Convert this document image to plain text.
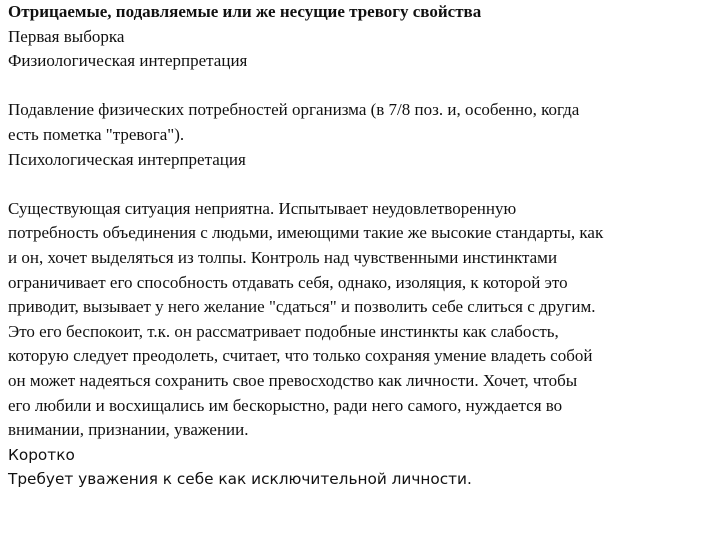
Отрицаемые, подавляемые или же несущие тревогу свойства
Первая выборка
Физиологическая интерпретация
Подавление физических потребностей организма (в 7/8 поз. и, особенно, когда
есть пометка "тревога").
Психологическая интерпретация
Существующая ситуация неприятна. Испытывает неудовлетворенную
потребность объединения с людьми, имеющими такие же высокие стандарты, как
и он, хочет выделяться из толпы. Контроль над чувственными инстинктами
ограничивает его способность отдавать себя, однако, изоляция, к которой это
приводит, вызывает у него желание "сдаться" и позволить себе слиться с другим.
Это его беспокоит, т.к. он рассматривает подобные инстинкты как слабость,
которую следует преодолеть, считает, что только сохраняя умение владеть собой
он может надеяться сохранить свое превосходство как личности. Хочет, чтобы
его любили и восхищались им бескорыстно, ради него самого, нуждается во
внимании, признании, уважении.
Коротко
Требует уважения к себе как исключительной личности.
